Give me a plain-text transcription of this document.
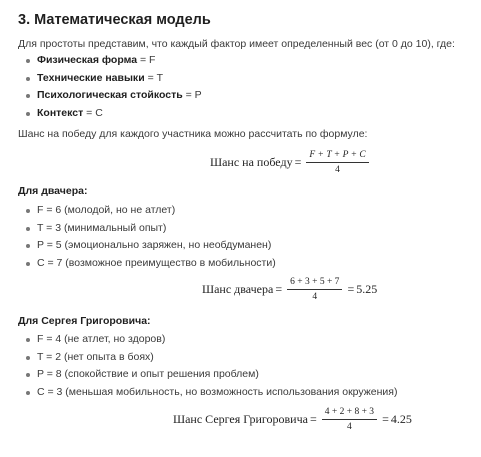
3. Математическая модель
Для простоты представим, что каждый фактор имеет определенный вес (от 0 до 10), где:
Физическая форма = F
Технические навыки = T
Психологическая стойкость = P
Контекст = C
Шанс на победу для каждого участника можно рассчитать по формуле:
Шанс на победу = $\frac{F + T + P + C}{4}$
Для двачера:
F = 6 (молодой, но не атлет)
T = 3 (минимальный опыт)
P = 5 (эмоционально заряжен, но необдуманен)
C = 7 (возможное преимущество в мобильности)
Шанс двачера = $\frac{6 + 3 + 5 + 7}{4} = 5.25$
Для Сергея Григоровича:
F = 4 (не атлет, но здоров)
T = 2 (нет опыта в боях)
P = 8 (спокойствие и опыт решения проблем)
C = 3 (меньшая мобильность, но возможность использования окружения)
Шанс Сергея Григоровича = $\frac{4 + 2 + 8 + 3}{4} = 4.25$
